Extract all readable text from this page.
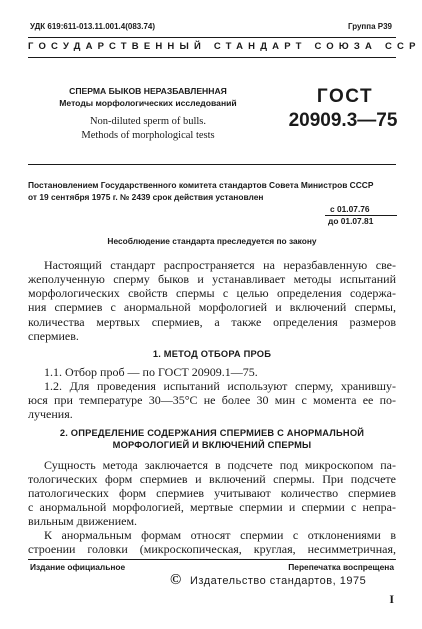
УДК 619:611-013.11.001.4(083.74)	Группа Р39
ГОСУДАРСТВЕННЫЙ СТАНДАРТ СОЮЗА ССР
СПЕРМА БЫКОВ НЕРАЗБАВЛЕННАЯ
Методы морфологических исследований
Non-diluted sperm of bulls.
Methods of morphological tests
ГОСТ
20909.3—75
Постановлением Государственного комитета стандартов Совета Министров СССР
от 19 сентября 1975 г. № 2439 срок действия установлен
с 01.07.76
до 01.07.81
Несоблюдение стандарта преследуется по закону
Настоящий стандарт распространяется на неразбавленную све-
жеполученную сперму быков и устанавливает методы испытаний
морфологических свойств спермы с целью определения содержа-
ния спермиев с анормальной морфологией и включений спермы,
количества мертвых спермиев, а также определения размеров
спермиев.
1. МЕТОД ОТБОРА ПРОБ
1.1. Отбор проб — по ГОСТ 20909.1—75.
1.2. Для проведения испытаний используют сперму, хранившу-
юся при температуре 30—35°С не более 30 мин с момента ее по-
лучения.
2. ОПРЕДЕЛЕНИЕ СОДЕРЖАНИЯ СПЕРМИЕВ С АНОРМАЛЬНОЙ
МОРФОЛОГИЕЙ И ВКЛЮЧЕНИЙ СПЕРМЫ
Сущность метода заключается в подсчете под микроскопом па-
тологических форм спермиев и включений спермы. При подсчете
патологических форм спермиев учитывают количество спермиев
с анормальной морфологией, мертвые спермии и спермии с непра-
вильным движением.
К анормальным формам относят спермии с отклонениями в
строении головки (микроскопическая, круглая, несимметричная,
Издание официальное	Перепечатка воспрещена
© Издательство стандартов, 1975
I
